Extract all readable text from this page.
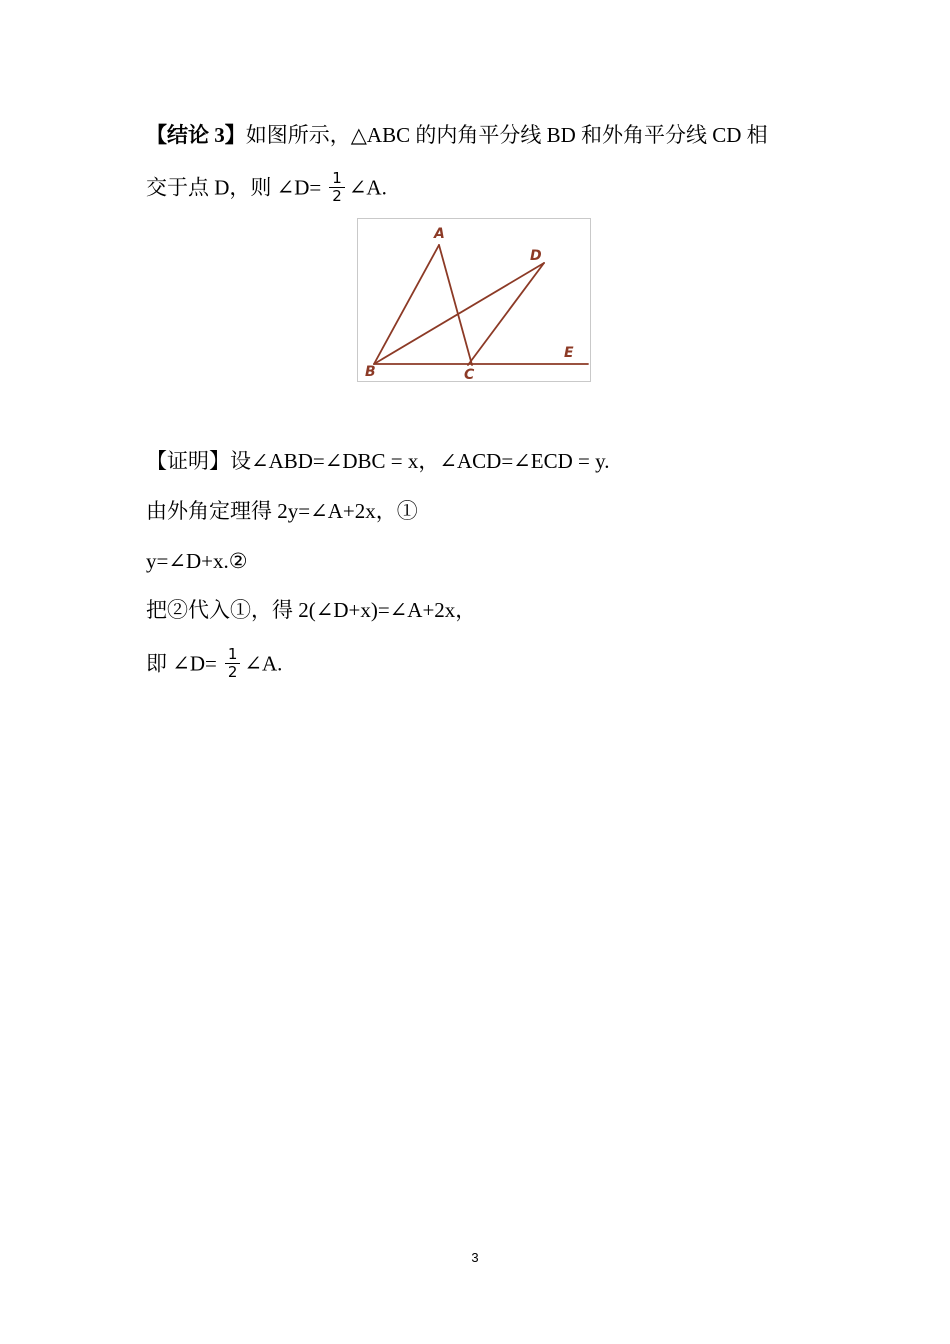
【结论 3】如图所示，△ABC 的内角平分线 BD 和外角平分线 CD 相
交于点 D，则 ∠D= $\frac{1}{2}$ ∠A.
A
D
B	C
E
【证明】设∠ABD=∠DBC = x，∠ACD=∠ECD = y.
由外角定理得 2y=∠A+2x，①
y=∠D+x.②
把②代入①，得 2(∠D+x)=∠A+2x，
即 ∠D= $\frac{1}{2}$ ∠A.
3
